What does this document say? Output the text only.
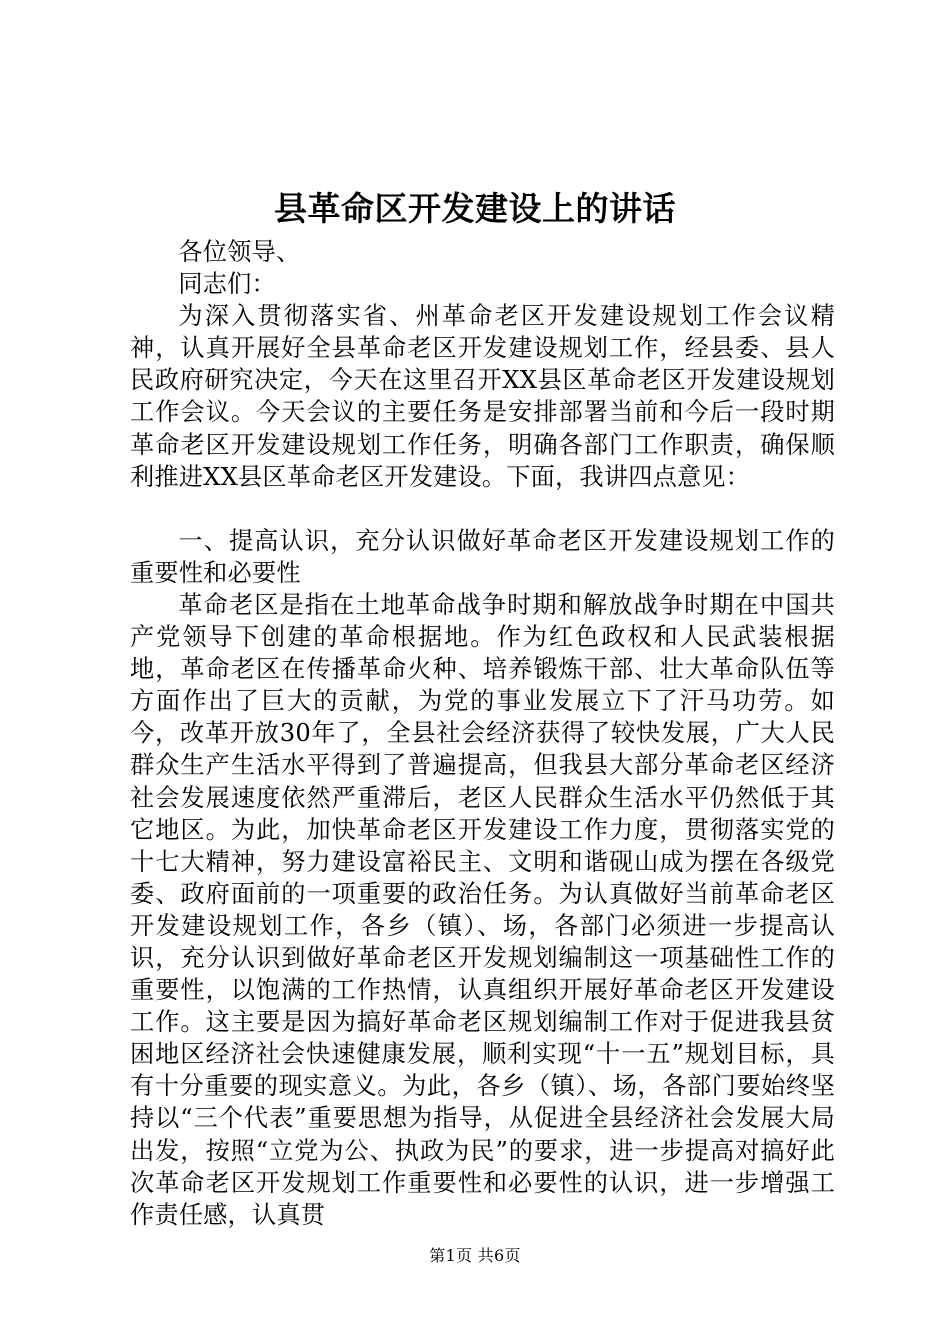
县革命区开发建设上的讲话

各位领导、

同志们：

为深入贯彻落实省、州革命老区开发建设规划工作会议精神，认真开展好全县革命老区开发建设规划工作，经县委、县人民政府研究决定，今天在这里召开XX县区革命老区开发建设规划工作会议。今天会议的主要任务是安排部署当前和今后一段时期革命老区开发建设规划工作任务，明确各部门工作职责，确保顺利推进XX县区革命老区开发建设。下面，我讲四点意见：

一、提高认识，充分认识做好革命老区开发建设规划工作的重要性和必要性

革命老区是指在土地革命战争时期和解放战争时期在中国共产党领导下创建的革命根据地。作为红色政权和人民武装根据地，革命老区在传播革命火种、培养锻炼干部、壮大革命队伍等方面作出了巨大的贡献，为党的事业发展立下了汗马功劳。如今，改革开放30年了，全县社会经济获得了较快发展，广大人民群众生产生活水平得到了普遍提高，但我县大部分革命老区经济社会发展速度依然严重滞后，老区人民群众生活水平仍然低于其它地区。为此，加快革命老区开发建设工作力度，贯彻落实党的十七大精神，努力建设富裕民主、文明和谐砚山成为摆在各级党委、政府面前的一项重要的政治任务。为认真做好当前革命老区开发建设规划工作，各乡（镇）、场，各部门必须进一步提高认识，充分认识到做好革命老区开发规划编制这一项基础性工作的重要性，以饱满的工作热情，认真组织开展好革命老区开发建设工作。这主要是因为搞好革命老区规划编制工作对于促进我县贫困地区经济社会快速健康发展，顺利实现“十一五”规划目标，具有十分重要的现实意义。为此，各乡（镇）、场，各部门要始终坚持以“三个代表”重要思想为指导，从促进全县经济社会发展大局出发，按照“立党为公、执政为民”的要求，进一步提高对搞好此次革命老区开发规划工作重要性和必要性的认识，进一步增强工作责任感，认真贯

第1页 共6页
